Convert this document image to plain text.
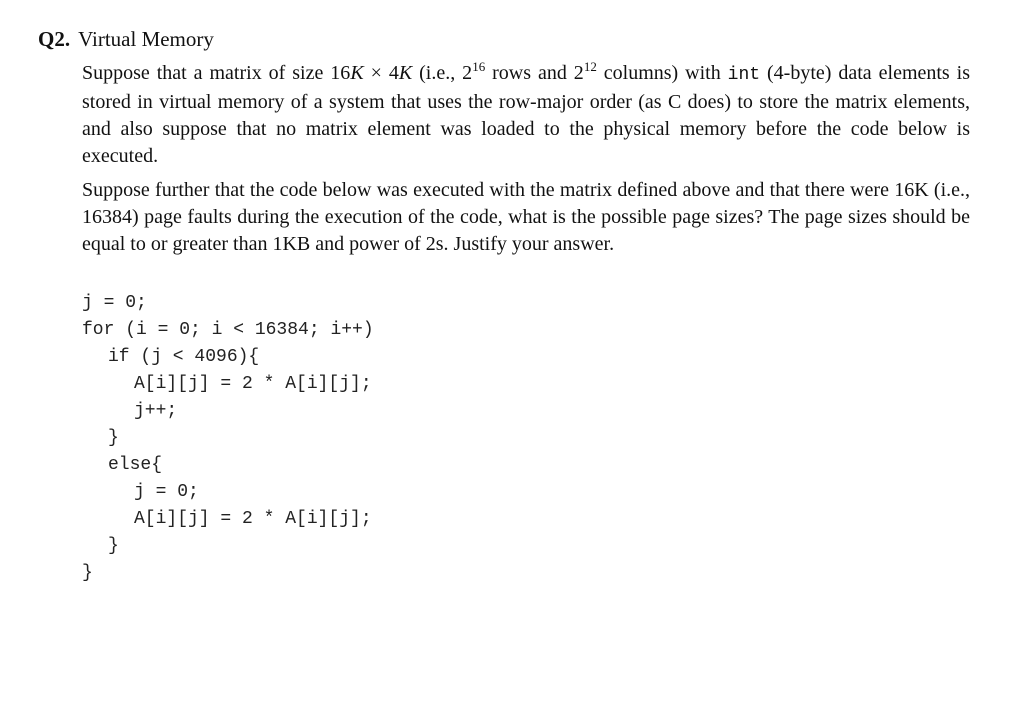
Q2. Virtual Memory

Suppose that a matrix of size 16K × 4K (i.e., $2^{16}$ rows and $2^{12}$ columns) with int (4-byte) data elements is stored in virtual memory of a system that uses the row-major order (as C does) to store the matrix elements, and also suppose that no matrix element was loaded to the physical memory before the code below is executed.

Suppose further that the code below was executed with the matrix defined above and that there were 16K (i.e., 16384) page faults during the execution of the code, what is the possible page sizes? The page sizes should be equal to or greater than 1KB and power of 2s. Justify your answer.

j = 0;
for (i = 0; i < 16384; i++)
if (j < 4096){
A[i][j] = 2 * A[i][j];
j++;
}
else{
j = 0;
A[i][j] = 2 * A[i][j];
}
}
